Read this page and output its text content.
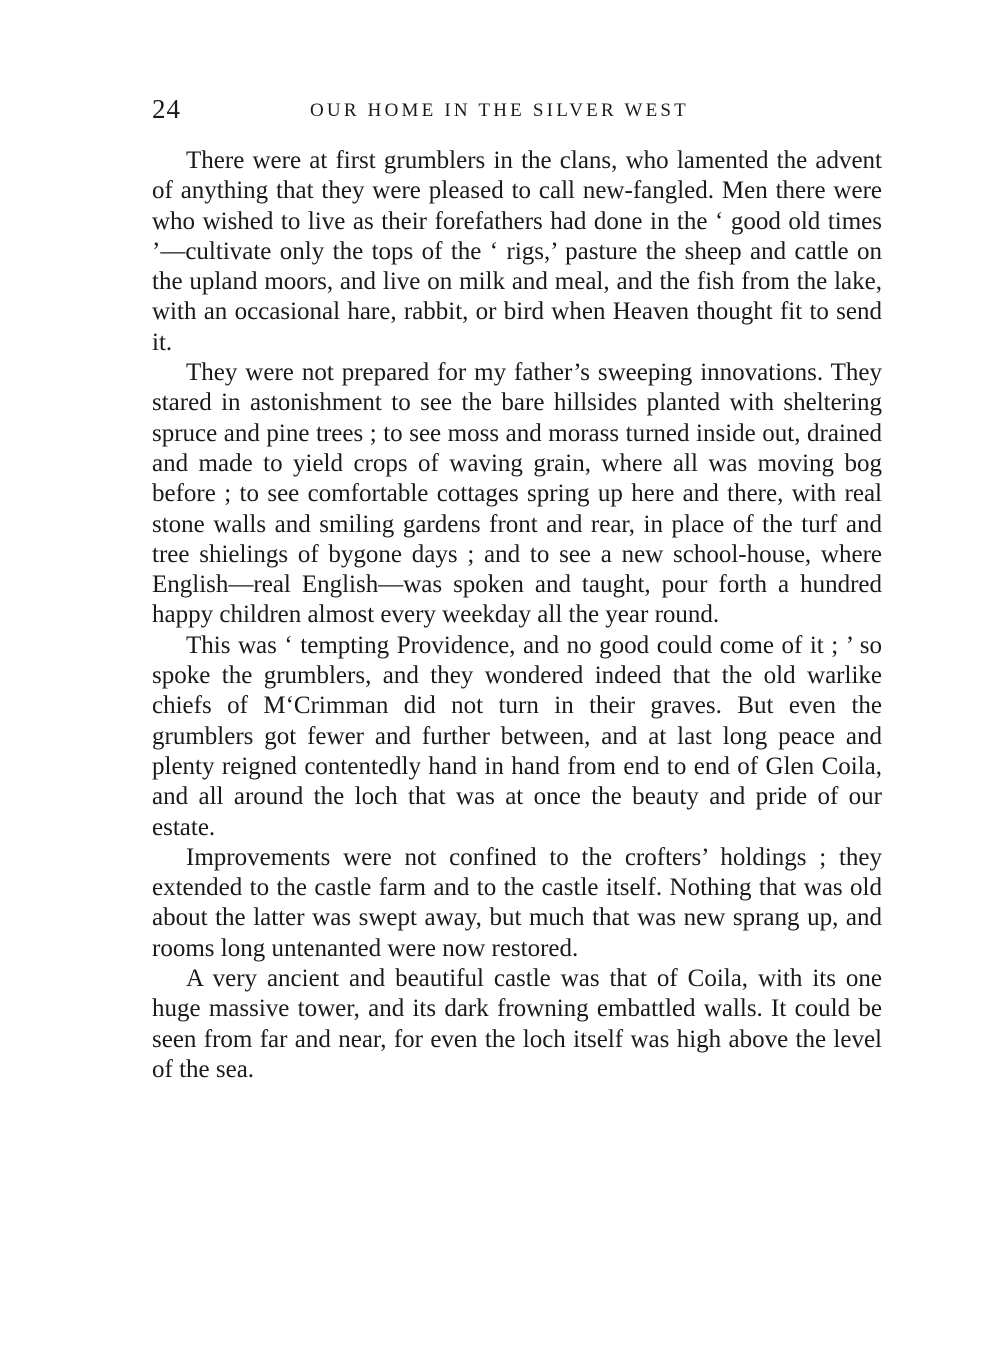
24	OUR HOME IN THE SILVER WEST

There were at first grumblers in the clans, who lamented the advent of anything that they were pleased to call new-fangled. Men there were who wished to live as their forefathers had done in the ‘ good old times ’—cultivate only the tops of the ‘ rigs,’ pasture the sheep and cattle on the upland moors, and live on milk and meal, and the fish from the lake, with an occasional hare, rabbit, or bird when Heaven thought fit to send it.

They were not prepared for my father’s sweeping innovations. They stared in astonishment to see the bare hillsides planted with sheltering spruce and pine trees ; to see moss and morass turned inside out, drained and made to yield crops of waving grain, where all was moving bog before ; to see comfortable cottages spring up here and there, with real stone walls and smiling gardens front and rear, in place of the turf and tree shielings of bygone days ; and to see a new school-house, where English—real English—was spoken and taught, pour forth a hundred happy children almost every weekday all the year round.

This was ‘ tempting Providence, and no good could come of it ; ’ so spoke the grumblers, and they wondered indeed that the old warlike chiefs of M‘Crimman did not turn in their graves. But even the grumblers got fewer and further between, and at last long peace and plenty reigned contentedly hand in hand from end to end of Glen Coila, and all around the loch that was at once the beauty and pride of our estate.

Improvements were not confined to the crofters’ holdings ; they extended to the castle farm and to the castle itself. Nothing that was old about the latter was swept away, but much that was new sprang up, and rooms long untenanted were now restored.

A very ancient and beautiful castle was that of Coila, with its one huge massive tower, and its dark frowning embattled walls. It could be seen from far and near, for even the loch itself was high above the level of the sea.
